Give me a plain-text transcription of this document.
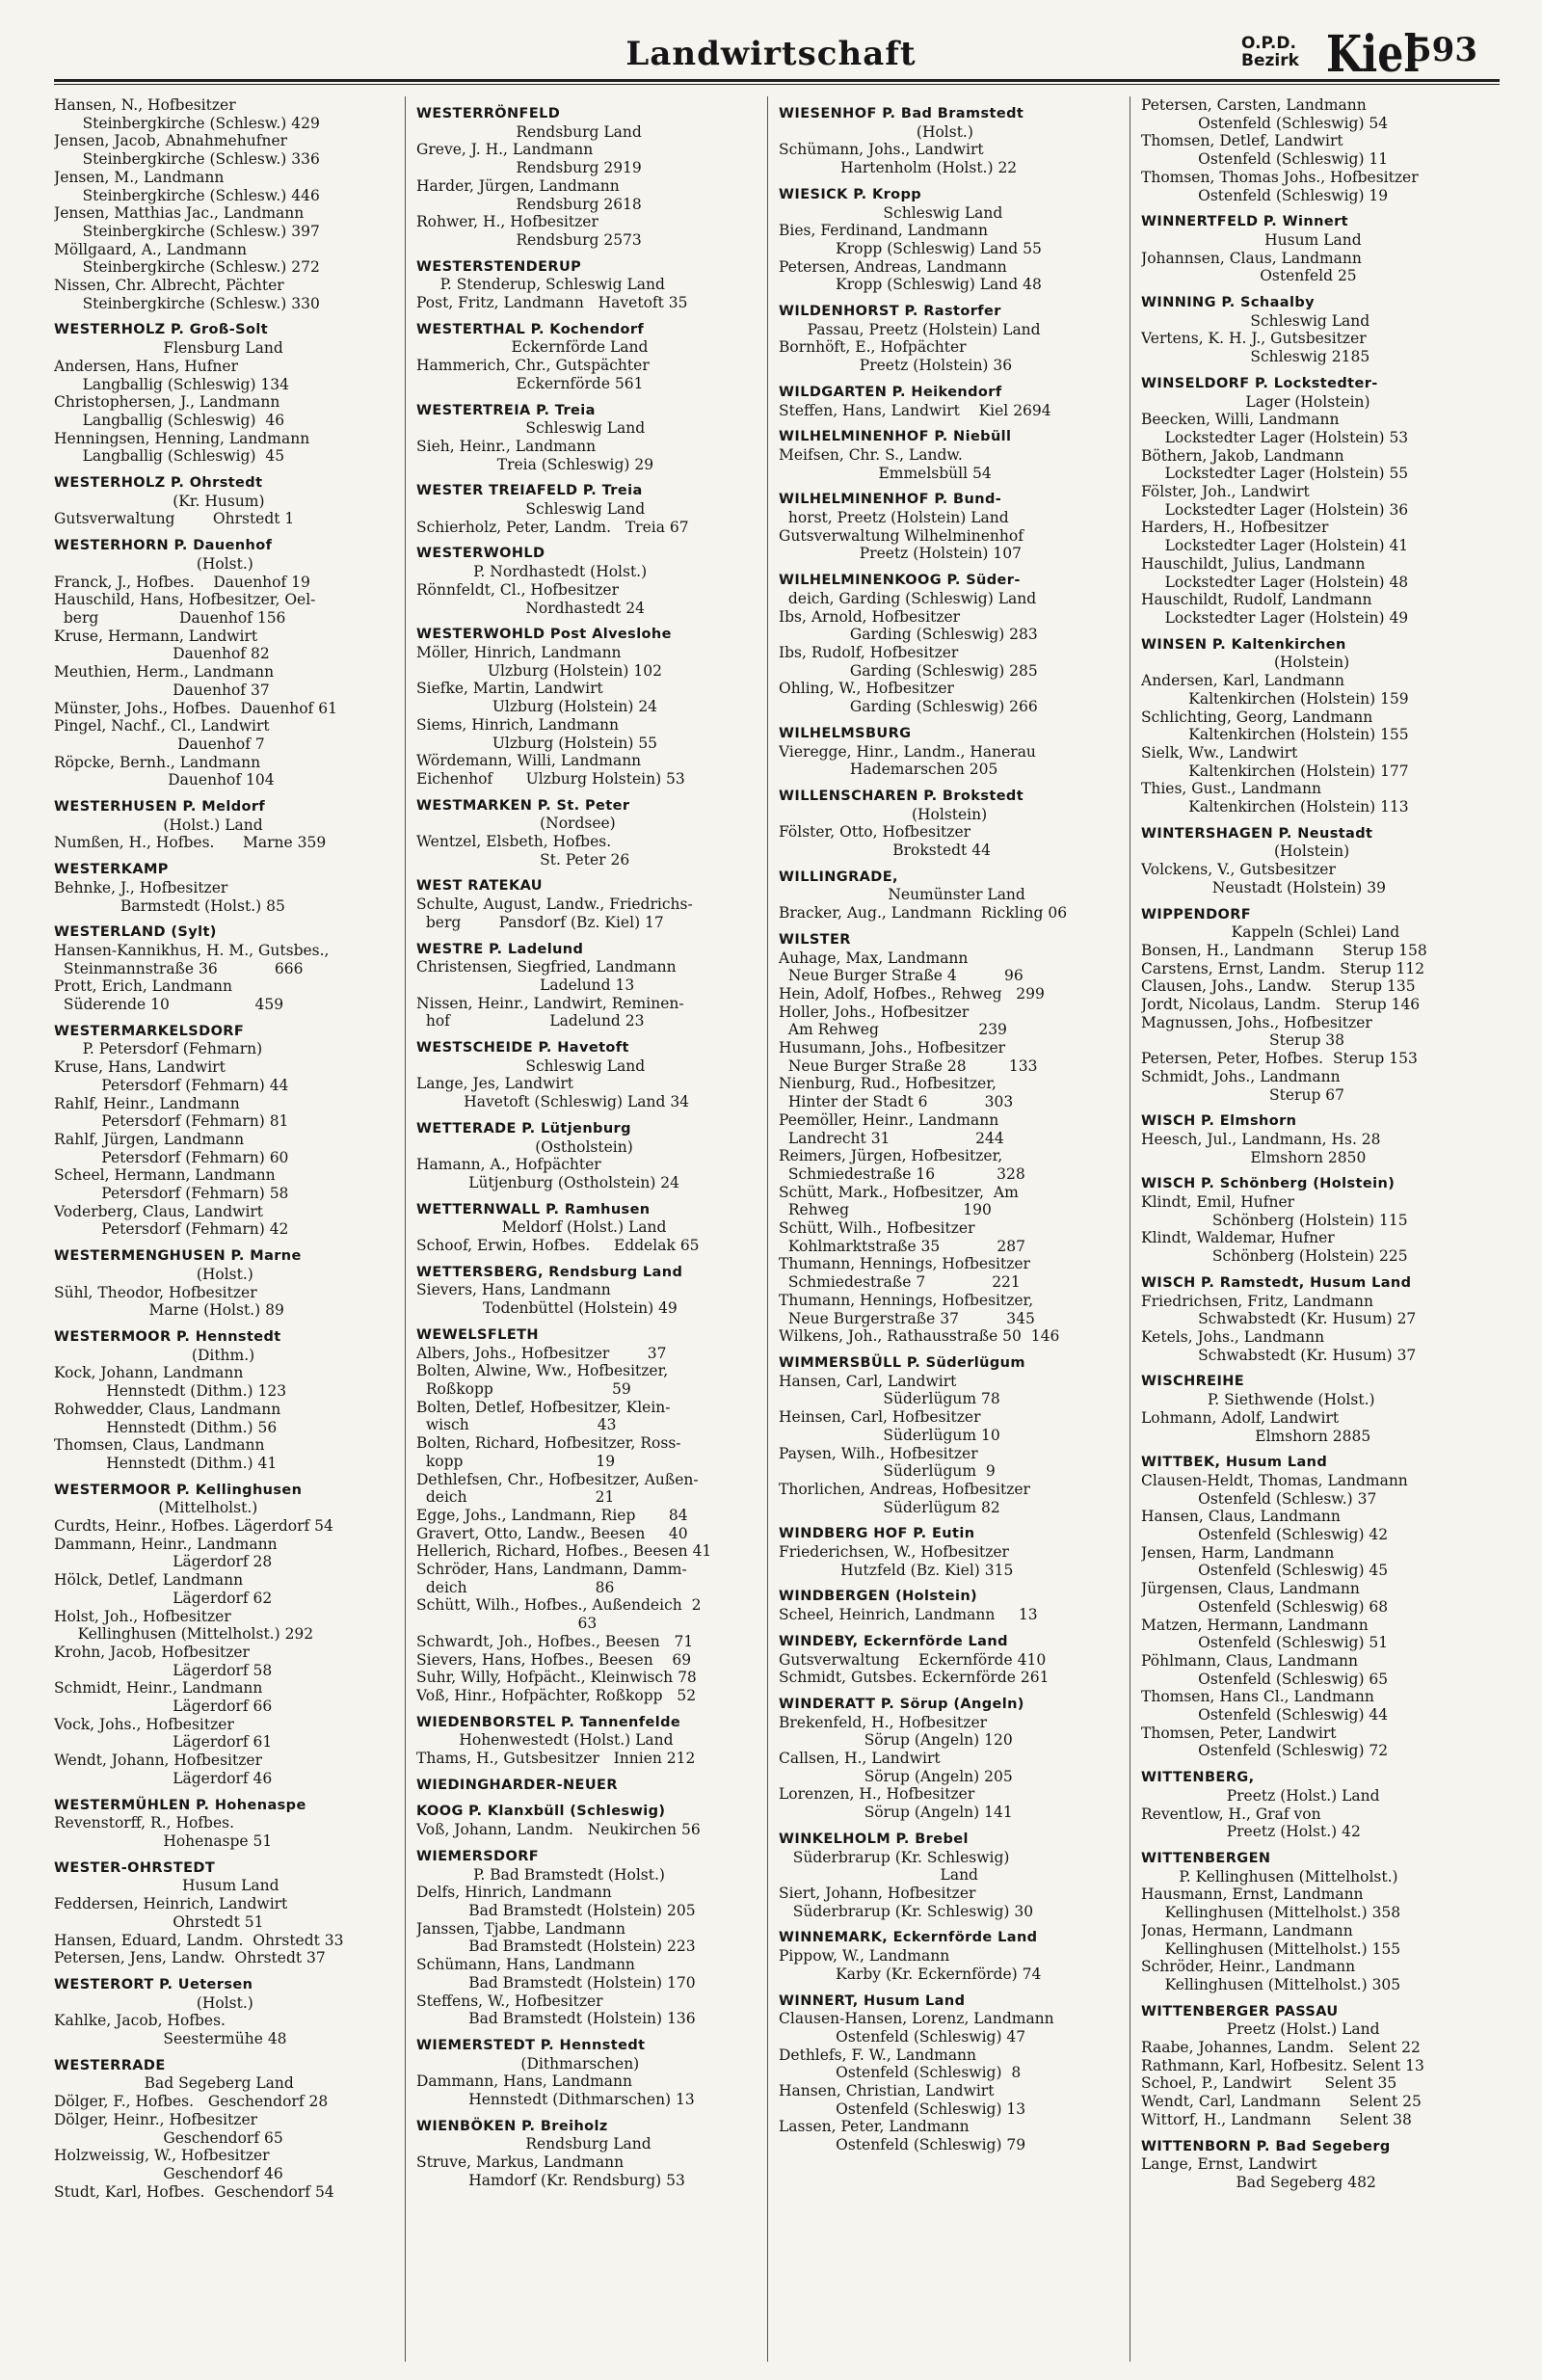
Landwirtschaft	O.P.D.
Bezirk Kiel
593
Hansen, N., Hofbesitzer
Steinbergkirche (Schlesw.) 429
Jensen, Jacob, Abnahmehufner
Steinbergkirche (Schlesw.) 336
Jensen, M., Landmann
Steinbergkirche (Schlesw.) 446
Jensen, Matthias Jac., Landmann
Steinbergkirche (Schlesw.) 397
Möllgaard, A., Landmann
Steinbergkirche (Schlesw.) 272
Nissen, Chr. Albrecht, Pächter
Steinbergkirche (Schlesw.) 330
WESTERHOLZ P. Groß-Solt
Flensburg Land
Andersen, Hans, Hufner
Langballig (Schleswig) 134
Christophersen, J., Landmann
Langballig (Schleswig)  46
Henningsen, Henning, Landmann
Langballig (Schleswig)  45
WESTERHOLZ P. Ohrstedt
(Kr. Husum)
Gutsverwaltung        Ohrstedt 1
WESTERHORN P. Dauenhof
(Holst.)
Franck, J., Hofbes.    Dauenhof 19
Hauschild, Hans, Hofbesitzer, Oel-
berg                 Dauenhof 156
Kruse, Hermann, Landwirt
Dauenhof 82
Meuthien, Herm., Landmann
Dauenhof 37
Münster, Johs., Hofbes.  Dauenhof 61
Pingel, Nachf., Cl., Landwirt
Dauenhof 7
Röpcke, Bernh., Landmann
Dauenhof 104
WESTERHUSEN P. Meldorf
(Holst.) Land
Numßen, H., Hofbes.      Marne 359
WESTERKAMP
Behnke, J., Hofbesitzer
Barmstedt (Holst.) 85
WESTERLAND (Sylt)
Hansen-Kannikhus, H. M., Gutsbes.,
Steinmannstraße 36            666
Prott, Erich, Landmann
Süderende 10                  459
WESTERMARKELSDORF
P. Petersdorf (Fehmarn)
Kruse, Hans, Landwirt
Petersdorf (Fehmarn) 44
Rahlf, Heinr., Landmann
Petersdorf (Fehmarn) 81
Rahlf, Jürgen, Landmann
Petersdorf (Fehmarn) 60
Scheel, Hermann, Landmann
Petersdorf (Fehmarn) 58
Voderberg, Claus, Landwirt
Petersdorf (Fehmarn) 42
WESTERMENGHUSEN P. Marne
(Holst.)
Sühl, Theodor, Hofbesitzer
Marne (Holst.) 89
WESTERMOOR P. Hennstedt
(Dithm.)
Kock, Johann, Landmann
Hennstedt (Dithm.) 123
Rohwedder, Claus, Landmann
Hennstedt (Dithm.) 56
Thomsen, Claus, Landmann
Hennstedt (Dithm.) 41
WESTERMOOR P. Kellinghusen
(Mittelholst.)
Curdts, Heinr., Hofbes. Lägerdorf 54
Dammann, Heinr., Landmann
Lägerdorf 28
Hölck, Detlef, Landmann
Lägerdorf 62
Holst, Joh., Hofbesitzer
Kellinghusen (Mittelholst.) 292
Krohn, Jacob, Hofbesitzer
Lägerdorf 58
Schmidt, Heinr., Landmann
Lägerdorf 66
Vock, Johs., Hofbesitzer
Lägerdorf 61
Wendt, Johann, Hofbesitzer
Lägerdorf 46
WESTERMÜHLEN P. Hohenaspe
Revenstorff, R., Hofbes.
Hohenaspe 51
WESTER-OHRSTEDT
Husum Land
Feddersen, Heinrich, Landwirt
Ohrstedt 51
Hansen, Eduard, Landm.  Ohrstedt 33
Petersen, Jens, Landw.  Ohrstedt 37
WESTERORT P. Uetersen
(Holst.)
Kahlke, Jacob, Hofbes.
Seestermühe 48
WESTERRADE
Bad Segeberg Land
Dölger, F., Hofbes.   Geschendorf 28
Dölger, Heinr., Hofbesitzer
Geschendorf 65
Holzweissig, W., Hofbesitzer
Geschendorf 46
Studt, Karl, Hofbes.  Geschendorf 54
WESTERRÖNFELD
Rendsburg Land
Greve, J. H., Landmann
Rendsburg 2919
Harder, Jürgen, Landmann
Rendsburg 2618
Rohwer, H., Hofbesitzer
Rendsburg 2573
WESTERSTENDERUP
P. Stenderup, Schleswig Land
Post, Fritz, Landmann   Havetoft 35
WESTERTHAL P. Kochendorf
Eckernförde Land
Hammerich, Chr., Gutspächter
Eckernförde 561
WESTERTREIA P. Treia
Schleswig Land
Sieh, Heinr., Landmann
Treia (Schleswig) 29
WESTER TREIAFELD P. Treia
Schleswig Land
Schierholz, Peter, Landm.   Treia 67
WESTERWOHLD
P. Nordhastedt (Holst.)
Rönnfeldt, Cl., Hofbesitzer
Nordhastedt 24
WESTERWOHLD Post Alveslohe
Möller, Hinrich, Landmann
Ulzburg (Holstein) 102
Siefke, Martin, Landwirt
Ulzburg (Holstein) 24
Siems, Hinrich, Landmann
Ulzburg (Holstein) 55
Wördemann, Willi, Landmann
Eichenhof       Ulzburg Holstein) 53
WESTMARKEN P. St. Peter
(Nordsee)
Wentzel, Elsbeth, Hofbes.
St. Peter 26
WEST RATEKAU
Schulte, August, Landw., Friedrichs-
berg        Pansdorf (Bz. Kiel) 17
WESTRE P. Ladelund
Christensen, Siegfried, Landmann
Ladelund 13
Nissen, Heinr., Landwirt, Reminen-
hof                     Ladelund 23
WESTSCHEIDE P. Havetoft
Schleswig Land
Lange, Jes, Landwirt
Havetoft (Schleswig) Land 34
WETTERADE P. Lütjenburg
(Ostholstein)
Hamann, A., Hofpächter
Lütjenburg (Ostholstein) 24
WETTERNWALL P. Ramhusen
Meldorf (Holst.) Land
Schoof, Erwin, Hofbes.     Eddelak 65
WETTERSBERG, Rendsburg Land
Sievers, Hans, Landmann
Todenbüttel (Holstein) 49
WEWELSFLETH
Albers, Johs., Hofbesitzer        37
Bolten, Alwine, Ww., Hofbesitzer,
Roßkopp                         59
Bolten, Detlef, Hofbesitzer, Klein-
wisch                           43
Bolten, Richard, Hofbesitzer, Ross-
kopp                            19
Dethlefsen, Chr., Hofbesitzer, Außen-
deich                           21
Egge, Johs., Landmann, Riep       84
Gravert, Otto, Landw., Beesen     40
Hellerich, Richard, Hofbes., Beesen 41
Schröder, Hans, Landmann, Damm-
deich                           86
Schütt, Wilh., Hofbes., Außendeich  2
63
Schwardt, Joh., Hofbes., Beesen   71
Sievers, Hans, Hofbes., Beesen    69
Suhr, Willy, Hofpächt., Kleinwisch 78
Voß, Hinr., Hofpächter, Roßkopp   52
WIEDENBORSTEL P. Tannenfelde
Hohenwestedt (Holst.) Land
Thams, H., Gutsbesitzer   Innien 212
WIEDINGHARDER-NEUER
KOOG P. Klanxbüll (Schleswig)
Voß, Johann, Landm.   Neukirchen 56
WIEMERSDORF
P. Bad Bramstedt (Holst.)
Delfs, Hinrich, Landmann
Bad Bramstedt (Holstein) 205
Janssen, Tjabbe, Landmann
Bad Bramstedt (Holstein) 223
Schümann, Hans, Landmann
Bad Bramstedt (Holstein) 170
Steffens, W., Hofbesitzer
Bad Bramstedt (Holstein) 136
WIEMERSTEDT P. Hennstedt
(Dithmarschen)
Dammann, Hans, Landmann
Hennstedt (Dithmarschen) 13
WIENBÖKEN P. Breiholz
Rendsburg Land
Struve, Markus, Landmann
Hamdorf (Kr. Rendsburg) 53
WIESENHOF P. Bad Bramstedt
(Holst.)
Schümann, Johs., Landwirt
Hartenholm (Holst.) 22
WIESICK P. Kropp
Schleswig Land
Bies, Ferdinand, Landmann
Kropp (Schleswig) Land 55
Petersen, Andreas, Landmann
Kropp (Schleswig) Land 48
WILDENHORST P. Rastorfer
Passau, Preetz (Holstein) Land
Bornhöft, E., Hofpächter
Preetz (Holstein) 36
WILDGARTEN P. Heikendorf
Steffen, Hans, Landwirt    Kiel 2694
WILHELMINENHOF P. Niebüll
Meifsen, Chr. S., Landw.
Emmelsbüll 54
WILHELMINENHOF P. Bund-
horst, Preetz (Holstein) Land
Gutsverwaltung Wilhelminenhof
Preetz (Holstein) 107
WILHELMINENKOOG P. Süder-
deich, Garding (Schleswig) Land
Ibs, Arnold, Hofbesitzer
Garding (Schleswig) 283
Ibs, Rudolf, Hofbesitzer
Garding (Schleswig) 285
Ohling, W., Hofbesitzer
Garding (Schleswig) 266
WILHELMSBURG
Vieregge, Hinr., Landm., Hanerau
Hademarschen 205
WILLENSCHAREN P. Brokstedt
(Holstein)
Fölster, Otto, Hofbesitzer
Brokstedt 44
WILLINGRADE,
Neumünster Land
Bracker, Aug., Landmann  Rickling 06
WILSTER
Auhage, Max, Landmann
Neue Burger Straße 4          96
Hein, Adolf, Hofbes., Rehweg   299
Holler, Johs., Hofbesitzer
Am Rehweg                     239
Husumann, Johs., Hofbesitzer
Neue Burger Straße 28         133
Nienburg, Rud., Hofbesitzer,
Hinter der Stadt 6            303
Peemöller, Heinr., Landmann
Landrecht 31                  244
Reimers, Jürgen, Hofbesitzer,
Schmiedestraße 16             328
Schütt, Mark., Hofbesitzer,  Am
Rehweg                        190
Schütt, Wilh., Hofbesitzer
Kohlmarktstraße 35            287
Thumann, Hennings, Hofbesitzer
Schmiedestraße 7              221
Thumann, Hennings, Hofbesitzer,
Neue Burgerstraße 37          345
Wilkens, Joh., Rathausstraße 50  146
WIMMERSBÜLL P. Süderlügum
Hansen, Carl, Landwirt
Süderlügum 78
Heinsen, Carl, Hofbesitzer
Süderlügum 10
Paysen, Wilh., Hofbesitzer
Süderlügum  9
Thorlichen, Andreas, Hofbesitzer
Süderlügum 82
WINDBERG HOF P. Eutin
Friederichsen, W., Hofbesitzer
Hutzfeld (Bz. Kiel) 315
WINDBERGEN (Holstein)
Scheel, Heinrich, Landmann     13
WINDEBY, Eckernförde Land
Gutsverwaltung    Eckernförde 410
Schmidt, Gutsbes. Eckernförde 261
WINDERATT P. Sörup (Angeln)
Brekenfeld, H., Hofbesitzer
Sörup (Angeln) 120
Callsen, H., Landwirt
Sörup (Angeln) 205
Lorenzen, H., Hofbesitzer
Sörup (Angeln) 141
WINKELHOLM P. Brebel
Süderbrarup (Kr. Schleswig)
Land
Siert, Johann, Hofbesitzer
Süderbrarup (Kr. Schleswig) 30
WINNEMARK, Eckernförde Land
Pippow, W., Landmann
Karby (Kr. Eckernförde) 74
WINNERT, Husum Land
Clausen-Hansen, Lorenz, Landmann
Ostenfeld (Schleswig) 47
Dethlefs, F. W., Landmann
Ostenfeld (Schleswig)  8
Hansen, Christian, Landwirt
Ostenfeld (Schleswig) 13
Lassen, Peter, Landmann
Ostenfeld (Schleswig) 79
Petersen, Carsten, Landmann
Ostenfeld (Schleswig) 54
Thomsen, Detlef, Landwirt
Ostenfeld (Schleswig) 11
Thomsen, Thomas Johs., Hofbesitzer
Ostenfeld (Schleswig) 19
WINNERTFELD P. Winnert
Husum Land
Johannsen, Claus, Landmann
Ostenfeld 25
WINNING P. Schaalby
Schleswig Land
Vertens, K. H. J., Gutsbesitzer
Schleswig 2185
WINSELDORF P. Lockstedter-
Lager (Holstein)
Beecken, Willi, Landmann
Lockstedter Lager (Holstein) 53
Böthern, Jakob, Landmann
Lockstedter Lager (Holstein) 55
Fölster, Joh., Landwirt
Lockstedter Lager (Holstein) 36
Harders, H., Hofbesitzer
Lockstedter Lager (Holstein) 41
Hauschildt, Julius, Landmann
Lockstedter Lager (Holstein) 48
Hauschildt, Rudolf, Landmann
Lockstedter Lager (Holstein) 49
WINSEN P. Kaltenkirchen
(Holstein)
Andersen, Karl, Landmann
Kaltenkirchen (Holstein) 159
Schlichting, Georg, Landmann
Kaltenkirchen (Holstein) 155
Sielk, Ww., Landwirt
Kaltenkirchen (Holstein) 177
Thies, Gust., Landmann
Kaltenkirchen (Holstein) 113
WINTERSHAGEN P. Neustadt
(Holstein)
Volckens, V., Gutsbesitzer
Neustadt (Holstein) 39
WIPPENDORF
Kappeln (Schlei) Land
Bonsen, H., Landmann      Sterup 158
Carstens, Ernst, Landm.   Sterup 112
Clausen, Johs., Landw.    Sterup 135
Jordt, Nicolaus, Landm.   Sterup 146
Magnussen, Johs., Hofbesitzer
Sterup 38
Petersen, Peter, Hofbes.  Sterup 153
Schmidt, Johs., Landmann
Sterup 67
WISCH P. Elmshorn
Heesch, Jul., Landmann, Hs. 28
Elmshorn 2850
WISCH P. Schönberg (Holstein)
Klindt, Emil, Hufner
Schönberg (Holstein) 115
Klindt, Waldemar, Hufner
Schönberg (Holstein) 225
WISCH P. Ramstedt, Husum Land
Friedrichsen, Fritz, Landmann
Schwabstedt (Kr. Husum) 27
Ketels, Johs., Landmann
Schwabstedt (Kr. Husum) 37
WISCHREIHE
P. Siethwende (Holst.)
Lohmann, Adolf, Landwirt
Elmshorn 2885
WITTBEK, Husum Land
Clausen-Heldt, Thomas, Landmann
Ostenfeld (Schlesw.) 37
Hansen, Claus, Landmann
Ostenfeld (Schleswig) 42
Jensen, Harm, Landmann
Ostenfeld (Schleswig) 45
Jürgensen, Claus, Landmann
Ostenfeld (Schleswig) 68
Matzen, Hermann, Landmann
Ostenfeld (Schleswig) 51
Pöhlmann, Claus, Landmann
Ostenfeld (Schleswig) 65
Thomsen, Hans Cl., Landmann
Ostenfeld (Schleswig) 44
Thomsen, Peter, Landwirt
Ostenfeld (Schleswig) 72
WITTENBERG,
Preetz (Holst.) Land
Reventlow, H., Graf von
Preetz (Holst.) 42
WITTENBERGEN
P. Kellinghusen (Mittelholst.)
Hausmann, Ernst, Landmann
Kellinghusen (Mittelholst.) 358
Jonas, Hermann, Landmann
Kellinghusen (Mittelholst.) 155
Schröder, Heinr., Landmann
Kellinghusen (Mittelholst.) 305
WITTENBERGER PASSAU
Preetz (Holst.) Land
Raabe, Johannes, Landm.   Selent 22
Rathmann, Karl, Hofbesitz. Selent 13
Schoel, P., Landwirt       Selent 35
Wendt, Carl, Landmann      Selent 25
Wittorf, H., Landmann      Selent 38
WITTENBORN P. Bad Segeberg
Lange, Ernst, Landwirt
Bad Segeberg 482
